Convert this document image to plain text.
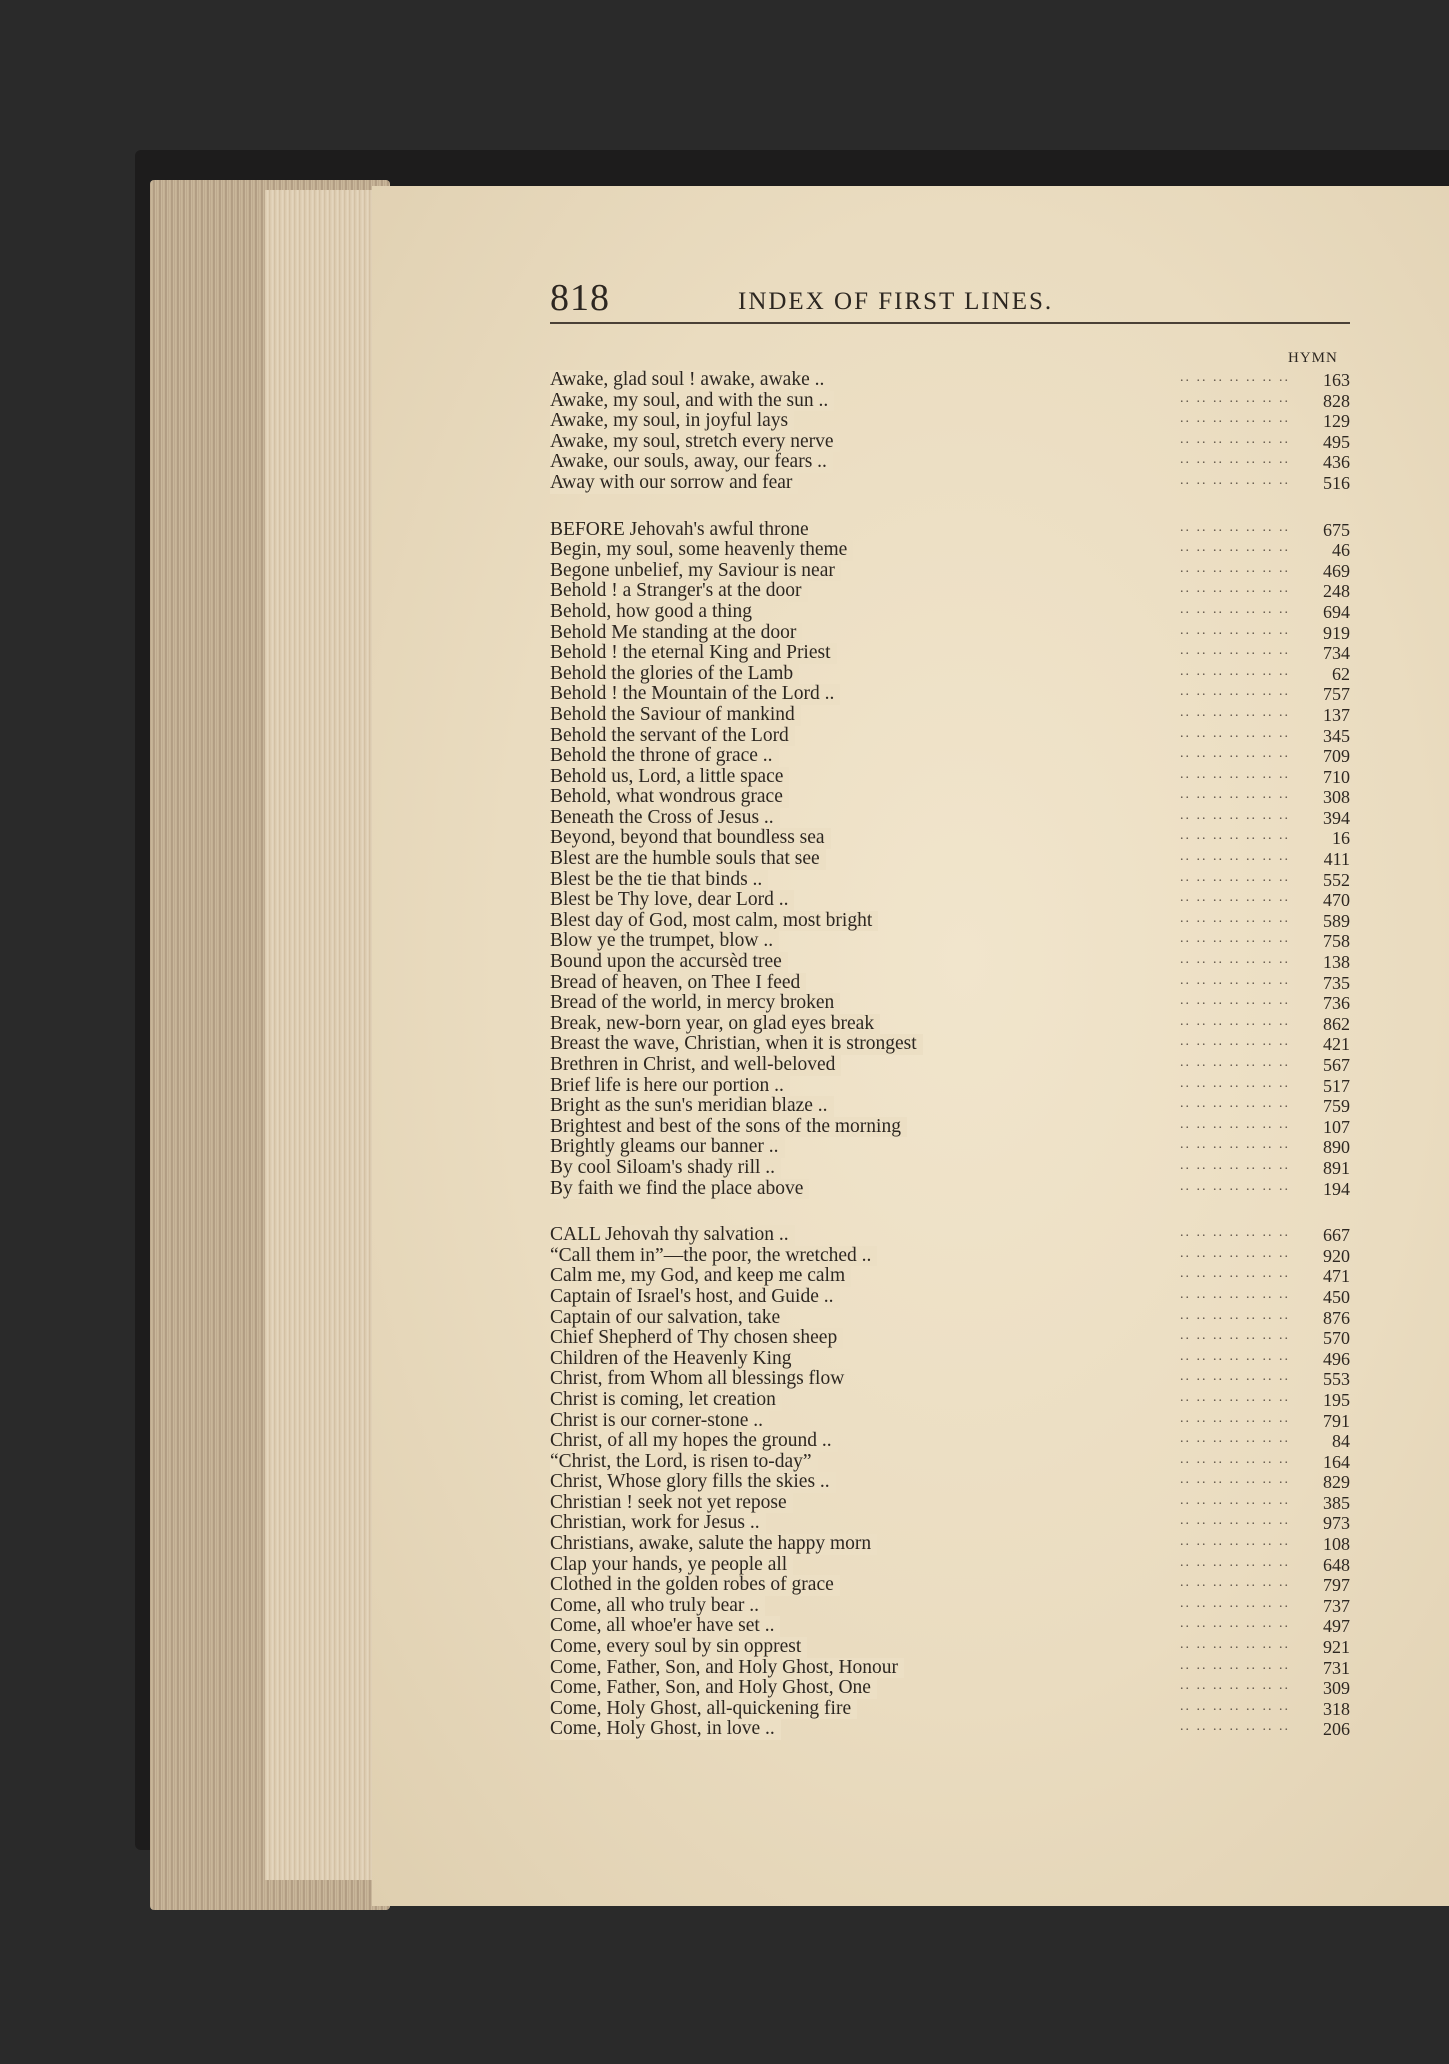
818	INDEX OF FIRST LINES.
HYMN
.. .. .. .. .. .. ..
Awake, glad soul ! awake, awake ..	163
.. .. .. .. .. .. ..
Awake, my soul, and with the sun ..	828
.. .. .. .. .. .. ..
Awake, my soul, in joyful lays	129
.. .. .. .. .. .. ..
Awake, my soul, stretch every nerve	495
.. .. .. .. .. .. ..
Awake, our souls, away, our fears ..	436
.. .. .. .. .. .. ..
Away with our sorrow and fear	516
.. .. .. .. .. .. ..
BEFORE Jehovah's awful throne	675
.. .. .. .. .. .. ..
Begin, my soul, some heavenly theme	46
.. .. .. .. .. .. ..
Begone unbelief, my Saviour is near	469
.. .. .. .. .. .. ..
Behold ! a Stranger's at the door	248
.. .. .. .. .. .. ..
Behold, how good a thing	694
.. .. .. .. .. .. ..
Behold Me standing at the door	919
.. .. .. .. .. .. ..
Behold ! the eternal King and Priest	734
.. .. .. .. .. .. ..
Behold the glories of the Lamb	62
.. .. .. .. .. .. ..
Behold ! the Mountain of the Lord ..	757
.. .. .. .. .. .. ..
Behold the Saviour of mankind	137
.. .. .. .. .. .. ..
Behold the servant of the Lord	345
.. .. .. .. .. .. ..
Behold the throne of grace ..	709
.. .. .. .. .. .. ..
Behold us, Lord, a little space	710
.. .. .. .. .. .. ..
Behold, what wondrous grace	308
.. .. .. .. .. .. ..
Beneath the Cross of Jesus ..	394
.. .. .. .. .. .. ..
Beyond, beyond that boundless sea	16
.. .. .. .. .. .. ..
Blest are the humble souls that see	411
.. .. .. .. .. .. ..
Blest be the tie that binds ..	552
.. .. .. .. .. .. ..
Blest be Thy love, dear Lord ..	470
.. .. .. .. .. .. ..
Blest day of God, most calm, most bright	589
.. .. .. .. .. .. ..
Blow ye the trumpet, blow ..	758
.. .. .. .. .. .. ..
Bound upon the accursèd tree	138
.. .. .. .. .. .. ..
Bread of heaven, on Thee I feed	735
.. .. .. .. .. .. ..
Bread of the world, in mercy broken	736
.. .. .. .. .. .. ..
Break, new-born year, on glad eyes break	862
.. .. .. .. .. .. ..
Breast the wave, Christian, when it is strongest	421
.. .. .. .. .. .. ..
Brethren in Christ, and well-beloved	567
.. .. .. .. .. .. ..
Brief life is here our portion ..	517
.. .. .. .. .. .. ..
Bright as the sun's meridian blaze ..	759
.. .. .. .. .. .. ..
Brightest and best of the sons of the morning	107
.. .. .. .. .. .. ..
Brightly gleams our banner ..	890
.. .. .. .. .. .. ..
By cool Siloam's shady rill ..	891
.. .. .. .. .. .. ..
By faith we find the place above	194
.. .. .. .. .. .. ..
CALL Jehovah thy salvation ..	667
.. .. .. .. .. .. ..
“Call them in”—the poor, the wretched ..	920
.. .. .. .. .. .. ..
Calm me, my God, and keep me calm	471
.. .. .. .. .. .. ..
Captain of Israel's host, and Guide ..	450
.. .. .. .. .. .. ..
Captain of our salvation, take	876
.. .. .. .. .. .. ..
Chief Shepherd of Thy chosen sheep	570
.. .. .. .. .. .. ..
Children of the Heavenly King	496
.. .. .. .. .. .. ..
Christ, from Whom all blessings flow	553
.. .. .. .. .. .. ..
Christ is coming, let creation	195
.. .. .. .. .. .. ..
Christ is our corner-stone ..	791
.. .. .. .. .. .. ..
Christ, of all my hopes the ground ..	84
.. .. .. .. .. .. ..
“Christ, the Lord, is risen to-day”	164
.. .. .. .. .. .. ..
Christ, Whose glory fills the skies ..	829
.. .. .. .. .. .. ..
Christian ! seek not yet repose	385
.. .. .. .. .. .. ..
Christian, work for Jesus ..	973
.. .. .. .. .. .. ..
Christians, awake, salute the happy morn	108
.. .. .. .. .. .. ..
Clap your hands, ye people all	648
.. .. .. .. .. .. ..
Clothed in the golden robes of grace	797
.. .. .. .. .. .. ..
Come, all who truly bear ..	737
.. .. .. .. .. .. ..
Come, all whoe'er have set ..	497
.. .. .. .. .. .. ..
Come, every soul by sin opprest	921
.. .. .. .. .. .. ..
Come, Father, Son, and Holy Ghost, Honour	731
.. .. .. .. .. .. ..
Come, Father, Son, and Holy Ghost, One	309
.. .. .. .. .. .. ..
Come, Holy Ghost, all-quickening fire	318
.. .. .. .. .. .. ..
Come, Holy Ghost, in love ..	206
